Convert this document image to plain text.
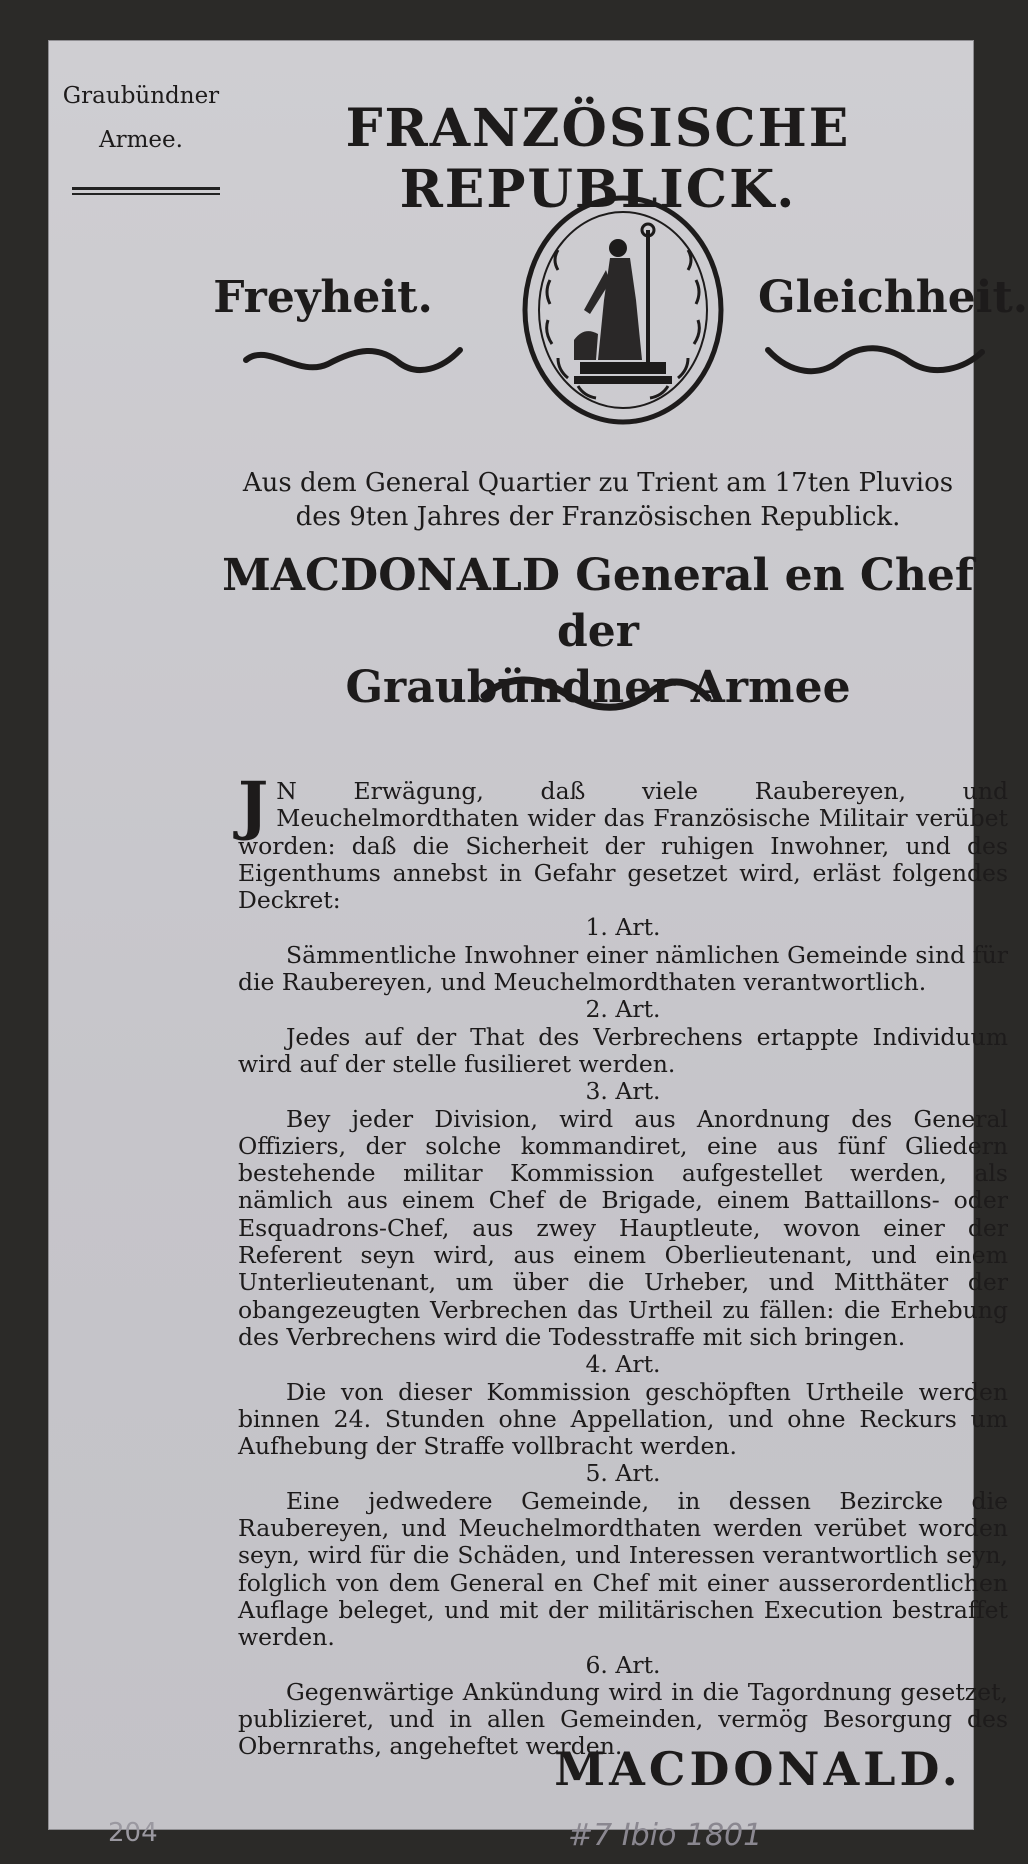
Graubündner
Armee.	FRANZÖSISCHE REPUBLICK.
Freyheit.	Gleichheit.
Aus dem General Quartier zu Trient am 17ten Pluvios
des 9ten Jahres der Französischen Republick.
MACDONALD General en Chef der
Graubündner Armee

J N Erwägung, daß viele Raubereyen, und Meuchelmordthaten wider das Französische Militair verübet worden: daß die Sicherheit der ruhigen Inwohner, und des Eigenthums annebst in Gefahr gesetzet wird, erläst folgendes Deckret:

1. Art.

Sämmentliche Inwohner einer nämlichen Gemeinde sind für die Raubereyen, und Meuchelmordthaten verantwortlich.

2. Art.

Jedes auf der That des Verbrechens ertappte Individuum wird auf der stelle fusilieret werden.

3. Art.

Bey jeder Division, wird aus Anordnung des General Offiziers, der solche kommandiret, eine aus fünf Gliedern bestehende militar Kommission aufgestellet werden, als nämlich aus einem Chef de Brigade, einem Battaillons- oder Esquadrons-Chef, aus zwey Hauptleute, wovon einer der Referent seyn wird, aus einem Oberlieutenant, und einem Unterlieutenant, um über die Urheber, und Mitthäter der obangezeugten Verbrechen das Urtheil zu fällen: die Erhebung des Verbrechens wird die Todesstraffe mit sich bringen.

4. Art.

Die von dieser Kommission geschöpften Urtheile werden binnen 24. Stunden ohne Appellation, und ohne Reckurs um Aufhebung der Straffe vollbracht werden.

5. Art.

Eine jedwedere Gemeinde, in dessen Bezircke die Raubereyen, und Meuchelmordthaten werden verübet worden seyn, wird für die Schäden, und Interessen verantwortlich seyn, folglich von dem General en Chef mit einer ausserordentlichen Auflage beleget, und mit der militärischen Execution bestraffet werden.

6. Art.

Gegenwärtige Ankündung wird in die Tagordnung gesetzet, publizieret, und in allen Gemeinden, vermög Besorgung des Obernraths, angeheftet werden.

MACDONALD.
204	#7 Ibio 1801
